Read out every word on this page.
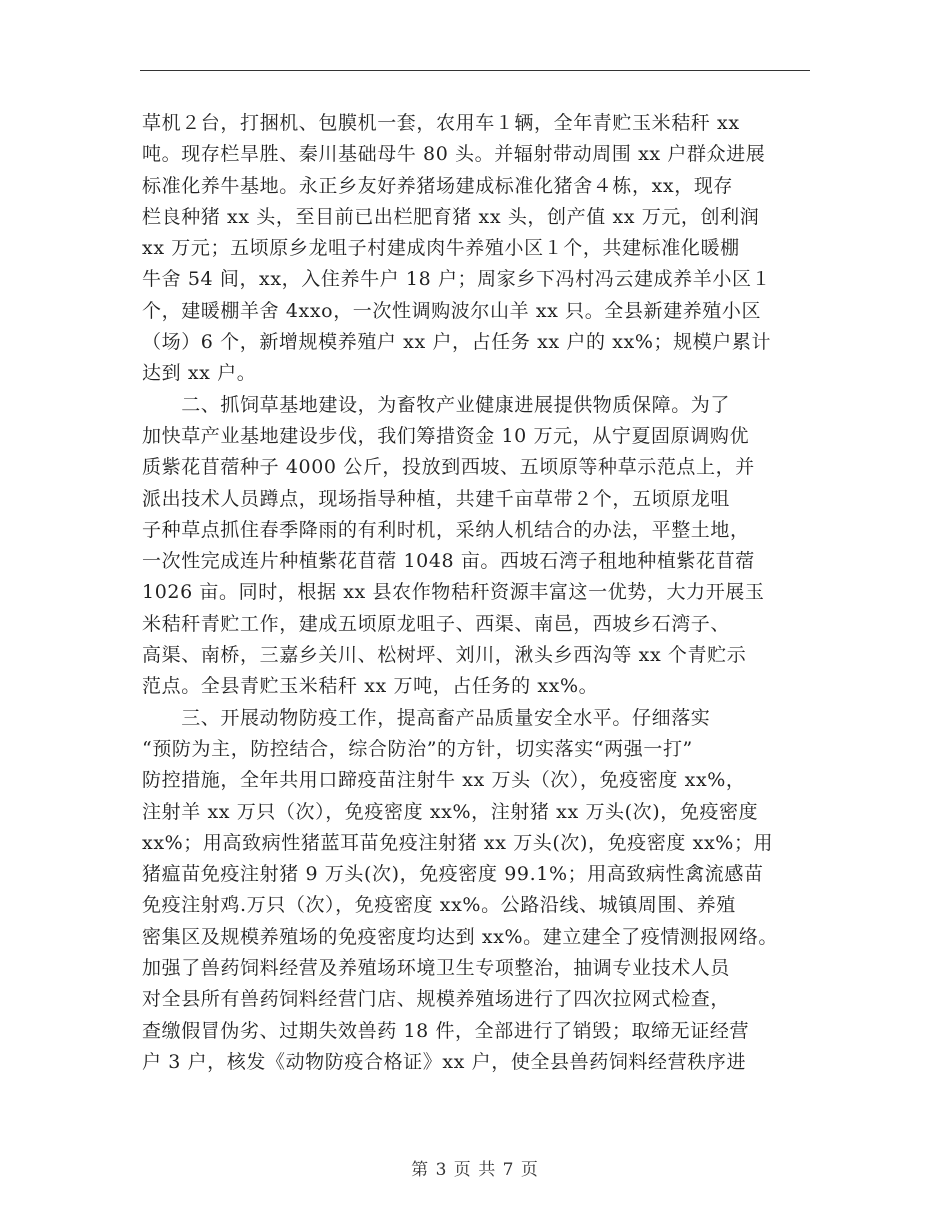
草机２台，打捆机、包膜机一套，农用车１辆，全年青贮玉米秸秆 xx
吨。现存栏旱胜、秦川基础母牛 80 头。并辐射带动周围 xx 户群众进展
标准化养牛基地。永正乡友好养猪场建成标准化猪舍４栋，xx，现存
栏良种猪 xx 头，至目前已出栏肥育猪 xx 头，创产值 xx 万元，创利润
xx 万元；五顷原乡龙咀子村建成肉牛养殖小区１个，共建标准化暖棚
牛舍 54 间，xx，入住养牛户 18 户；周家乡下冯村冯云建成养羊小区１
个，建暖棚羊舍 4xxo，一次性调购波尔山羊 xx 只。全县新建养殖小区
（场）6 个，新增规模养殖户 xx 户，占任务 xx 户的 xx%；规模户累计
达到 xx 户。
　　二、抓饲草基地建设，为畜牧产业健康进展提供物质保障。为了
加快草产业基地建设步伐，我们筹措资金 10 万元，从宁夏固原调购优
质紫花苜蓿种子 4000 公斤，投放到西坡、五顷原等种草示范点上，并
派出技术人员蹲点，现场指导种植，共建千亩草带２个，五顷原龙咀
子种草点抓住春季降雨的有利时机，采纳人机结合的办法，平整土地，
一次性完成连片种植紫花苜蓿 1048 亩。西坡石湾子租地种植紫花苜蓿
1026 亩。同时，根据 xx 县农作物秸秆资源丰富这一优势，大力开展玉
米秸秆青贮工作，建成五顷原龙咀子、西渠、南邑，西坡乡石湾子、
高渠、南桥，三嘉乡关川、松树坪、刘川，湫头乡西沟等 xx 个青贮示
范点。全县青贮玉米秸秆 xx 万吨，占任务的 xx%。
　　三、开展动物防疫工作，提高畜产品质量安全水平。仔细落实
“预防为主，防控结合，综合防治”的方针，切实落实“两强一打”
防控措施，全年共用口蹄疫苗注射牛 xx 万头（次），免疫密度 xx%，
注射羊 xx 万只（次），免疫密度 xx%，注射猪 xx 万头(次)，免疫密度
xx%；用高致病性猪蓝耳苗免疫注射猪 xx 万头(次)，免疫密度 xx%；用
猪瘟苗免疫注射猪 9 万头(次)，免疫密度 99.1%；用高致病性禽流感苗
免疫注射鸡.万只（次），免疫密度 xx%。公路沿线、城镇周围、养殖
密集区及规模养殖场的免疫密度均达到 xx%。建立建全了疫情测报网络。
加强了兽药饲料经营及养殖场环境卫生专项整治，抽调专业技术人员
对全县所有兽药饲料经营门店、规模养殖场进行了四次拉网式检查，
查缴假冒伪劣、过期失效兽药 18 件，全部进行了销毁；取缔无证经营
户 3 户，核发《动物防疫合格证》xx 户，使全县兽药饲料经营秩序进
第 3 页 共 7 页
